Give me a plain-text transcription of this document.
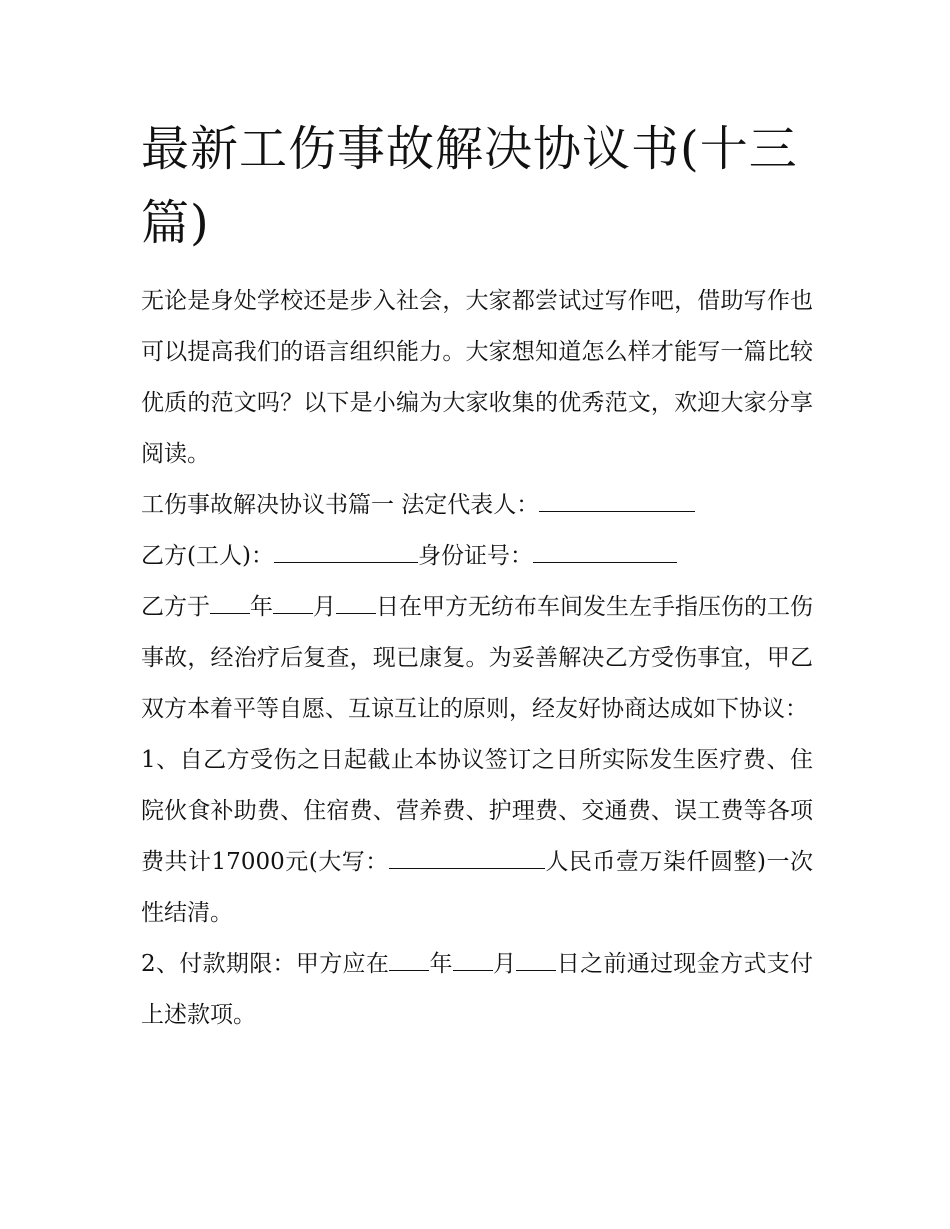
最新工伤事故解决协议书(十三篇)

无论是身处学校还是步入社会，大家都尝试过写作吧，借助写作也可以提高我们的语言组织能力。大家想知道怎么样才能写一篇比较优质的范文吗？以下是小编为大家收集的优秀范文，欢迎大家分享阅读。

工伤事故解决协议书篇一 法定代表人：

乙方(工人)：	身份证号：

乙方于 年 月 日在甲方无纺布车间发生左手指压伤的工伤事故，经治疗后复查，现已康复。为妥善解决乙方受伤事宜，甲乙双方本着平等自愿、互谅互让的原则，经友好协商达成如下协议：

1、自乙方受伤之日起截止本协议签订之日所实际发生医疗费、住院伙食补助费、住宿费、营养费、护理费、交通费、误工费等各项费共计17000元(大写：	人民币壹万柒仟圆整)一次性结清。

2、付款期限：甲方应在 年 月 日之前通过现金方式支付上述款项。
